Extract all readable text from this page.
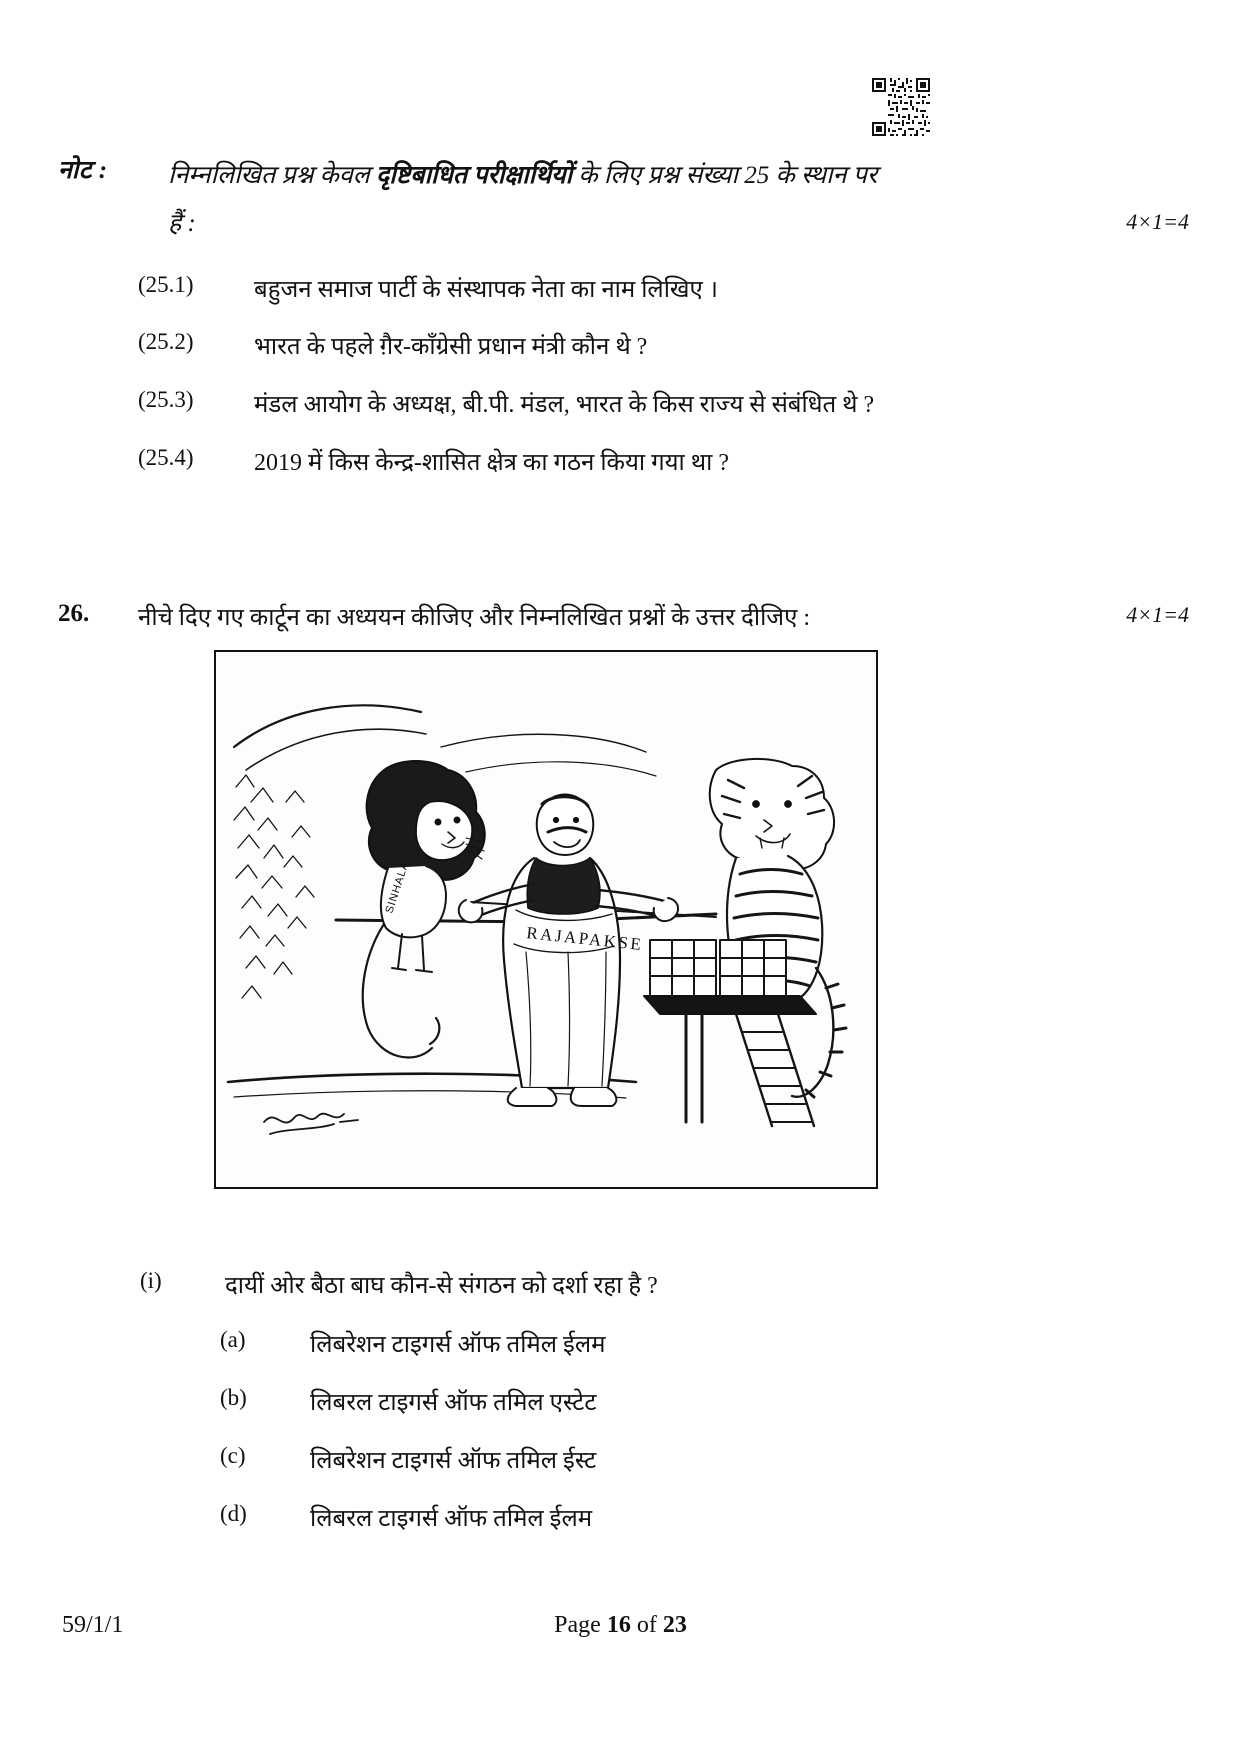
नोट : निम्नलिखित प्रश्न केवल दृष्टिबाधित परीक्षार्थियों के लिए प्रश्न संख्या 25 के स्थान पर
हैं :	4×1=4
(25.1)	बहुजन समाज पार्टी के संस्थापक नेता का नाम लिखिए ।
(25.2)	भारत के पहले ग़ैर-काँग्रेसी प्रधान मंत्री कौन थे ?
(25.3)	मंडल आयोग के अध्यक्ष, बी.पी. मंडल, भारत के किस राज्य से संबंधित थे ?
(25.4)	2019 में किस केन्द्र-शासित क्षेत्र का गठन किया गया था ?
26. नीचे दिए गए कार्टून का अध्ययन कीजिए और निम्नलिखित प्रश्नों के उत्तर दीजिए :	4×1=4
SINHALA
RAJAPAKSE
(i)	दायीं ओर बैठा बाघ कौन-से संगठन को दर्शा रहा है ?
(a)	लिबरेशन टाइगर्स ऑफ तमिल ईलम
(b)	लिबरल टाइगर्स ऑफ तमिल एस्टेट
(c)	लिबरेशन टाइगर्स ऑफ तमिल ईस्ट
(d)	लिबरल टाइगर्स ऑफ तमिल ईलम
59/1/1	Page 16 of 23
